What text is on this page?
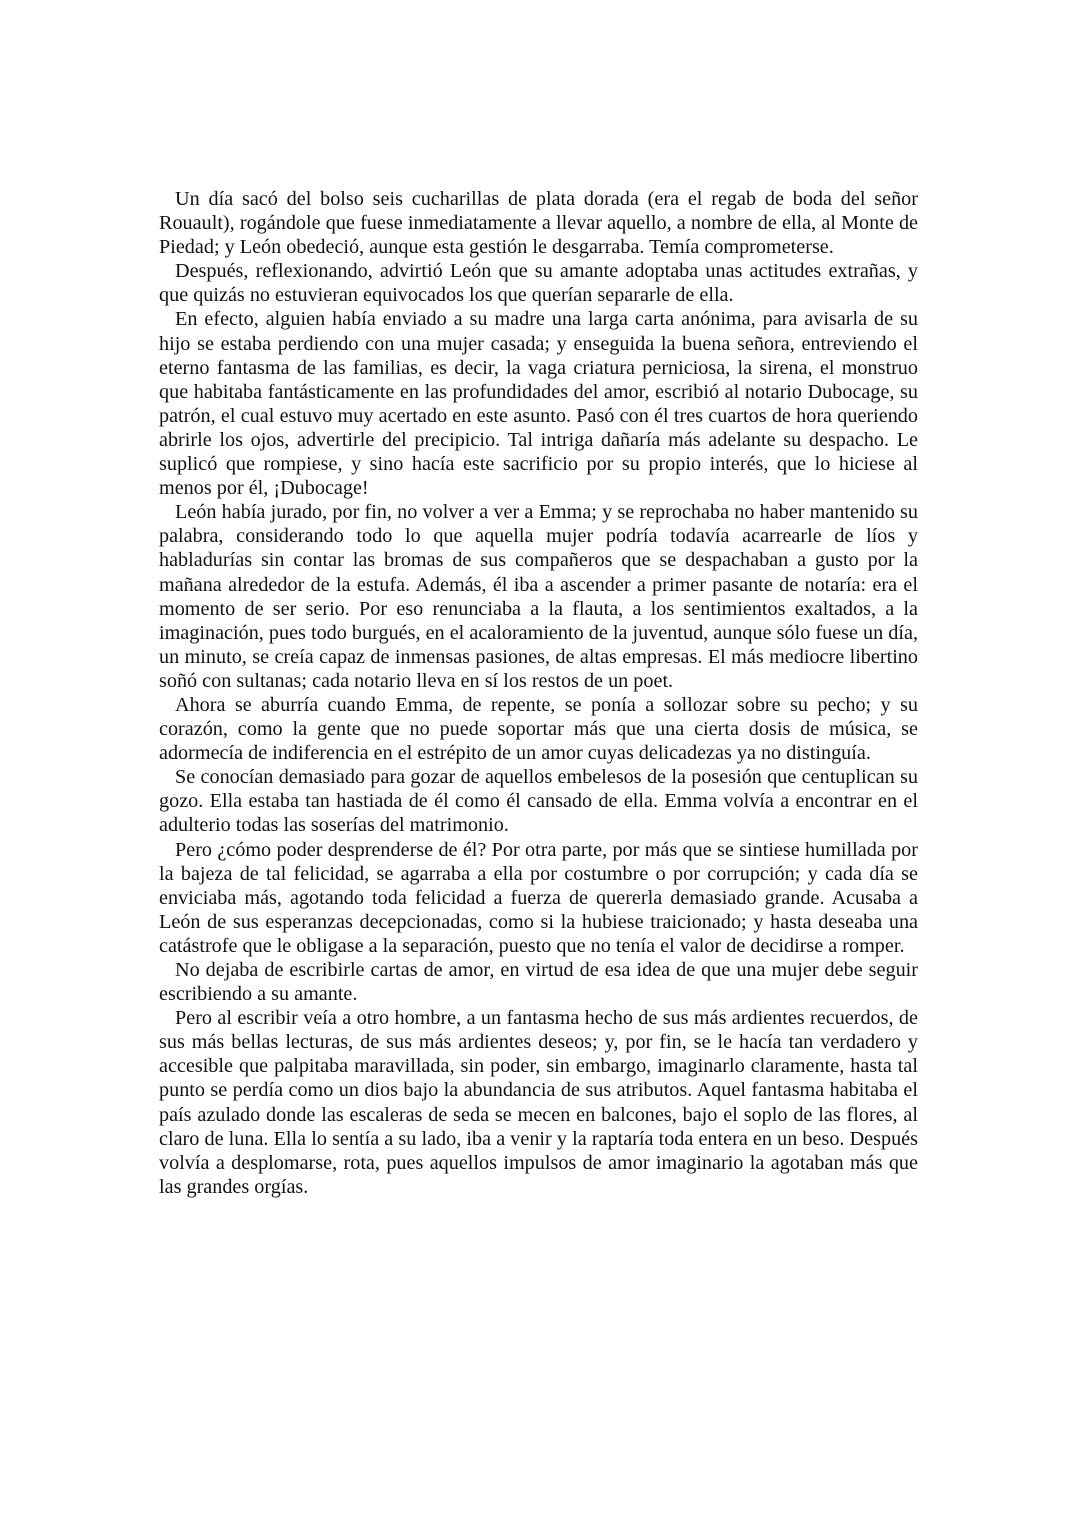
Un día sacó del bolso seis cucharillas de plata dorada (era el regab de boda del señor Rouault), rogándole que fuese inmediatamente a llevar aquello, a nombre de ella, al Monte de Piedad; y León obedeció, aunque esta gestión le desgarraba. Temía comprometerse.

Después, reflexionando, advirtió León que su amante adoptaba unas actitudes extrañas, y que quizás no estuvieran equivocados los que querían separarle de ella.

En efecto, alguien había enviado a su madre una larga carta anónima, para avisarla de su hijo se estaba perdiendo con una mujer casada; y enseguida la buena señora, entreviendo el eterno fantasma de las familias, es decir, la vaga criatura perniciosa, la sirena, el monstruo que habitaba fantásticamente en las profundidades del amor, escribió al notario Dubocage, su patrón, el cual estuvo muy acertado en este asunto. Pasó con él tres cuartos de hora queriendo abrirle los ojos, advertirle del precipicio. Tal intriga dañaría más adelante su despacho. Le suplicó que rompiese, y sino hacía este sacrificio por su propio interés, que lo hiciese al menos por él, ¡Dubocage!

León había jurado, por fin, no volver a ver a Emma; y se reprochaba no haber mantenido su palabra, considerando todo lo que aquella mujer podría todavía acarrearle de líos y habladurías sin contar las bromas de sus compañeros que se despachaban a gusto por la mañana alrededor de la estufa. Además, él iba a ascender a primer pasante de notaría: era el momento de ser serio. Por eso renunciaba a la flauta, a los sentimientos exaltados, a la imaginación, pues todo burgués, en el acaloramiento de la juventud, aunque sólo fuese un día, un minuto, se creía capaz de inmensas pasiones, de altas empresas. El más mediocre libertino soñó con sultanas; cada notario lleva en sí los restos de un poet.

Ahora se aburría cuando Emma, de repente, se ponía a sollozar sobre su pecho; y su corazón, como la gente que no puede soportar más que una cierta dosis de música, se adormecía de indiferencia en el estrépito de un amor cuyas delicadezas ya no distinguía.

Se conocían demasiado para gozar de aquellos embelesos de la posesión que centuplican su gozo. Ella estaba tan hastiada de él como él cansado de ella. Emma volvía a encontrar en el adulterio todas las soserías del matrimonio.

Pero ¿cómo poder desprenderse de él? Por otra parte, por más que se sintiese humillada por la bajeza de tal felicidad, se agarraba a ella por costumbre o por corrupción; y cada día se enviciaba más, agotando toda felicidad a fuerza de quererla demasiado grande. Acusaba a León de sus esperanzas decepcionadas, como si la hubiese traicionado; y hasta deseaba una catástrofe que le obligase a la separación, puesto que no tenía el valor de decidirse a romper.

No dejaba de escribirle cartas de amor, en virtud de esa idea de que una mujer debe seguir escribiendo a su amante.

Pero al escribir veía a otro hombre, a un fantasma hecho de sus más ardientes recuerdos, de sus más bellas lecturas, de sus más ardientes deseos; y, por fin, se le hacía tan verdadero y accesible que palpitaba maravillada, sin poder, sin embargo, imaginarlo claramente, hasta tal punto se perdía como un dios bajo la abundancia de sus atributos. Aquel fantasma habitaba el país azulado donde las escaleras de seda se mecen en balcones, bajo el soplo de las flores, al claro de luna. Ella lo sentía a su lado, iba a venir y la raptaría toda entera en un beso. Después volvía a desplomarse, rota, pues aquellos impulsos de amor imaginario la agotaban más que las grandes orgías.
